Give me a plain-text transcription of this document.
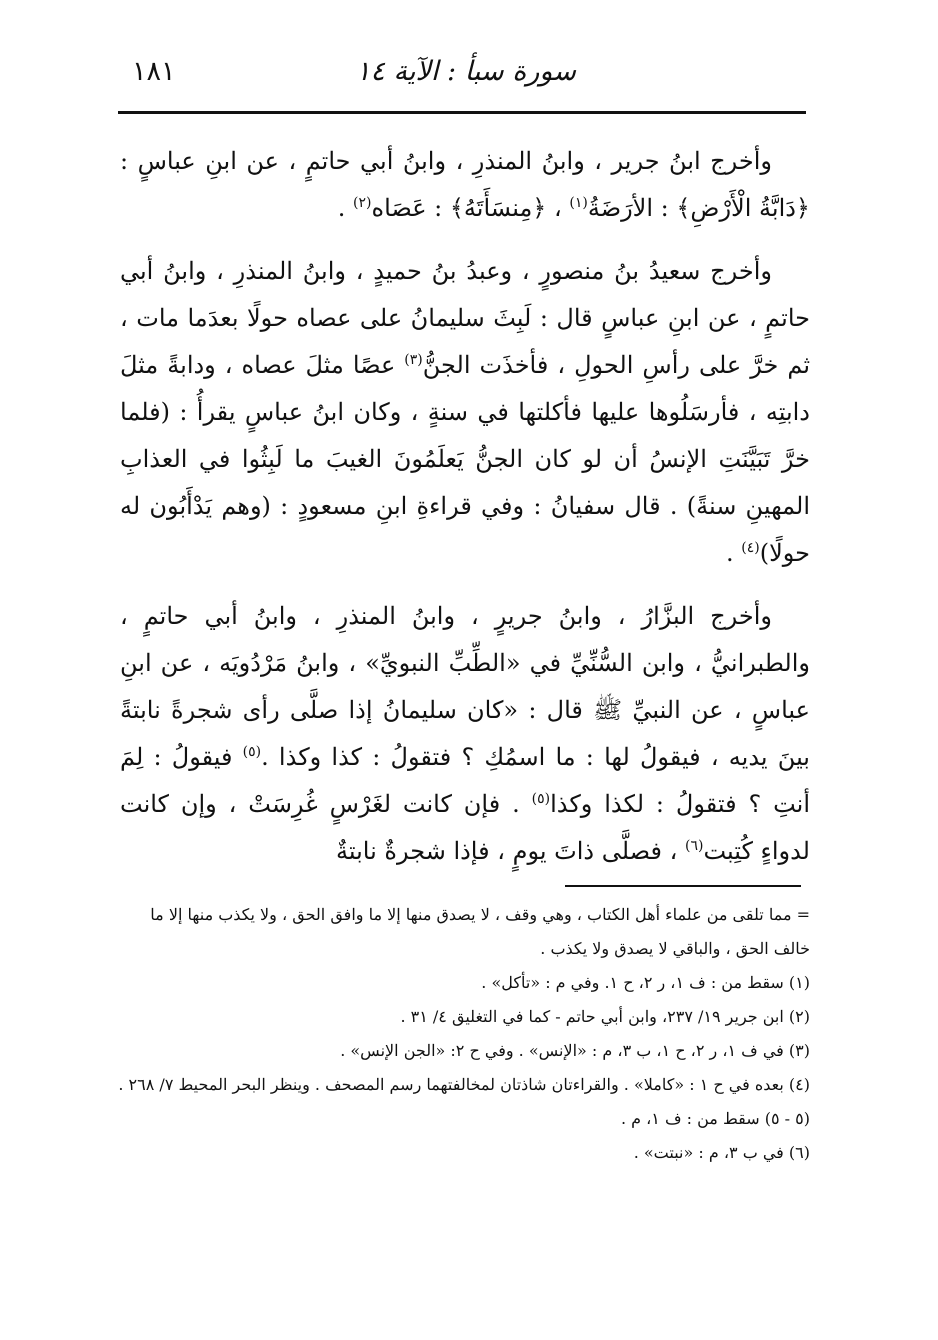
سورة سبأ : الآية ١٤
١٨١

وأخرج ابنُ جرير ، وابنُ المنذرِ ، وابنُ أبي حاتمٍ ، عن ابنِ عباسٍ : ﴿دَابَّةُ الْأَرْضِ﴾ : الأرَضَةُ$^{(١)}$ ، ﴿مِنسَأَتَهُ﴾ : عَصَاه$^{(٢)}$ .

وأخرج سعيدُ بنُ منصورٍ ، وعبدُ بنُ حميدٍ ، وابنُ المنذرِ ، وابنُ أبي حاتمٍ ، عن ابنِ عباسٍ قال : لَبِثَ سليمانُ على عصاه حولًا بعدَما مات ، ثم خرَّ على رأسِ الحولِ ، فأخذَت الجنُّ$^{(٣)}$ عصًا مثلَ عصاه ، ودابةً مثلَ دابتِه ، فأرسَلُوها عليها فأكلتها في سنةٍ ، وكان ابنُ عباسٍ يقرأُ : (فلما خرَّ تَبَيَّنَتِ الإنسُ أن لو كان الجنُّ يَعلَمُونَ الغيبَ ما لَبِثُوا في العذابِ المهينِ سنةً) . قال سفيانُ : وفي قراءةِ ابنِ مسعودٍ : (وهم يَدْأَبُون له حولًا)$^{(٤)}$ .

وأخرج البزَّارُ ، وابنُ جريرٍ ، وابنُ المنذرِ ، وابنُ أبي حاتمٍ ، والطبرانيُّ ، وابن السُّنِّيِّ في «الطِّبِّ النبويِّ» ، وابنُ مَرْدُويَه ، عن ابنِ عباسٍ ، عن النبيِّ ﷺ قال : «كان سليمانُ إذا صلَّى رأى شجرةً نابتةً بينَ يديه ، فيقولُ لها : ما اسمُكِ ؟ فتقولُ : كذا وكذا .$^{(٥)}$ فيقولُ : لِمَ أنتِ ؟ فتقولُ : لكذا وكذا$^{(٥)}$ . فإن كانت لغَرْسٍ غُرِسَتْ ، وإن كانت لدواءٍ كُتِبت$^{(٦)}$ ، فصلَّى ذاتَ يومٍ ، فإذا شجرةٌ نابتةٌ

= مما تلقى من علماء أهل الكتاب ، وهي وقف ، لا يصدق منها إلا ما وافق الحق ، ولا يكذب منها إلا ما

خالف الحق ، والباقي لا يصدق ولا يكذب .

(١) سقط من : ف ١، ر ٢، ح ١. وفي م : «تأكل» .

(٢) ابن جرير ١٩/ ٢٣٧، وابن أبي حاتم - كما في التغليق ٤/ ٣١ .

(٣) في ف ١، ر ٢، ح ١، ب ٣، م : «الإنس» . وفي ح ٢: «الجن الإنس» .

(٤) بعده في ح ١ : «كاملا» . والقراءتان شاذتان لمخالفتهما رسم المصحف . وينظر البحر المحيط ٧/ ٢٦٨ .

(٥ - ٥) سقط من : ف ١، م .

(٦) في ب ٣، م : «نبتت» .
